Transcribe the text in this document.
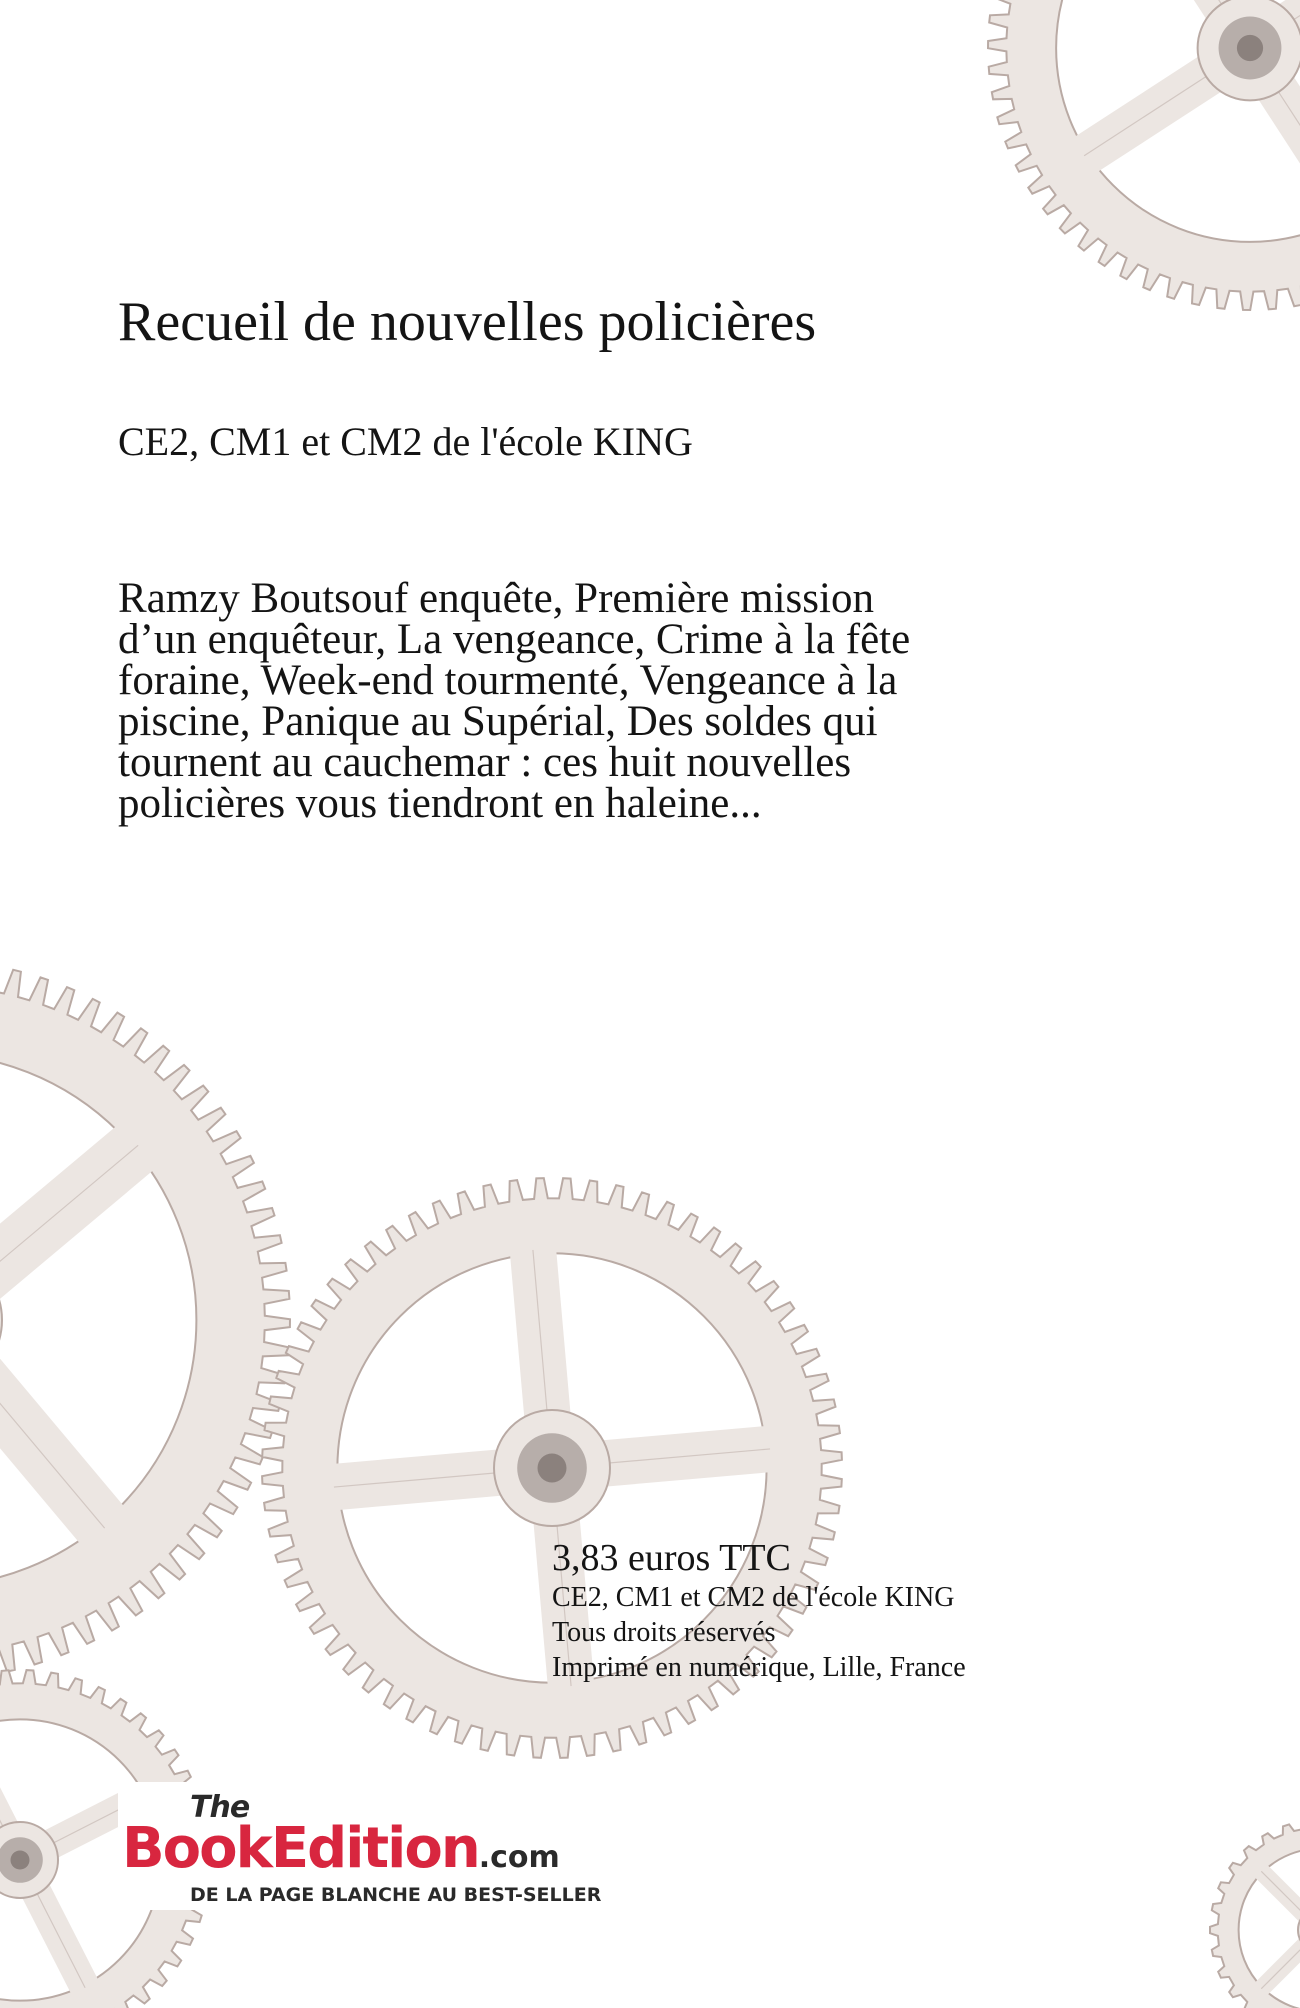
Recueil de nouvelles policières
CE2, CM1 et CM2 de l'école KING

Ramzy Boutsouf enquête, Première mission d’un enquêteur, La vengeance, Crime à la fête foraine, Week-end tourmenté, Vengeance à la piscine, Panique au Supérial, Des soldes qui tournent au cauchemar : ces huit nouvelles policières vous tiendront en haleine...

3,83 euros TTC
CE2, CM1 et CM2 de l'école KING
Tous droits réservés
Imprimé en numérique, Lille, France
The
BookEdition.com
DE LA PAGE BLANCHE AU BEST-SELLER
